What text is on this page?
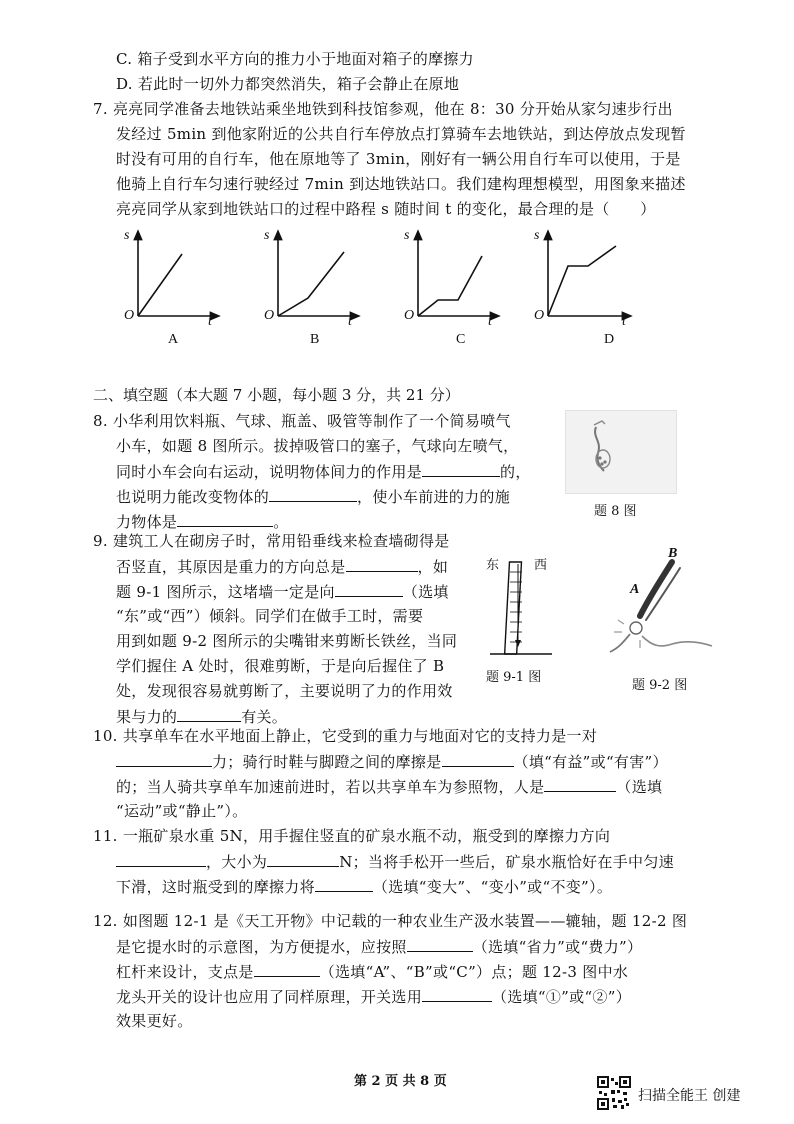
C. 箱子受到水平方向的推力小于地面对箱子的摩擦力
D. 若此时一切外力都突然消失，箱子会静止在原地
7. 亮亮同学准备去地铁站乘坐地铁到科技馆参观，他在 8：30 分开始从家匀速步行出
发经过 5min 到他家附近的公共自行车停放点打算骑车去地铁站，到达停放点发现暂
时没有可用的自行车，他在原地等了 3min，刚好有一辆公用自行车可以使用，于是
他骑上自行车匀速行驶经过 7min 到达地铁站口。我们建构理想模型，用图象来描述
亮亮同学从家到地铁站口的过程中路程 s 随时间 t 的变化，最合理的是（　　）
s
O	t
A
s
O	t
B
s
O	t
C
s
O	t
D
二、填空题（本大题 7 小题，每小题 3 分，共 21 分）
8. 小华利用饮料瓶、气球、瓶盖、吸管等制作了一个简易喷气
小车，如题 8 图所示。拔掉吸管口的塞子，气球向左喷气，
同时小车会向右运动，说明物体间力的作用是	的，
也说明力能改变物体的	，使小车前进的力的施
力物体是	。
题 8 图
9. 建筑工人在砌房子时，常用铅垂线来检查墙砌得是
否竖直，其原因是重力的方向总是	，如
题 9-1 图所示，这堵墙一定是向	（选填
“东”或“西”）倾斜。同学们在做手工时，需要
用到如题 9-2 图所示的尖嘴钳来剪断长铁丝，当同
学们握住 A 处时，很难剪断，于是向后握住了 B
处，发现很容易就剪断了，主要说明了力的作用效
果与力的	有关。
东	西
题 9-1 图
B
A
题 9-2 图
10. 共享单车在水平地面上静止，它受到的重力与地面对它的支持力是一对
力；骑行时鞋与脚蹬之间的摩擦是	（填“有益”或“有害”）
的；当人骑共享单车加速前进时，若以共享单车为参照物，人是	（选填
“运动”或“静止”）。
11. 一瓶矿泉水重 5N，用手握住竖直的矿泉水瓶不动，瓶受到的摩擦力方向
，大小为	N；当将手松开一些后，矿泉水瓶恰好在手中匀速
下滑，这时瓶受到的摩擦力将	（选填“变大”、“变小”或“不变”）。
12. 如图题 12-1 是《天工开物》中记载的一种农业生产汲水装置——辘轴，题 12-2 图
是它提水时的示意图，为方便提水，应按照	（选填“省力”或“费力”）
杠杆来设计，支点是	（选填“A”、“B”或“C”）点；题 12-3 图中水
龙头开关的设计也应用了同样原理，开关选用	（选填“①”或“②”）
效果更好。
第 2 页 共 8 页
扫描全能王 创建
